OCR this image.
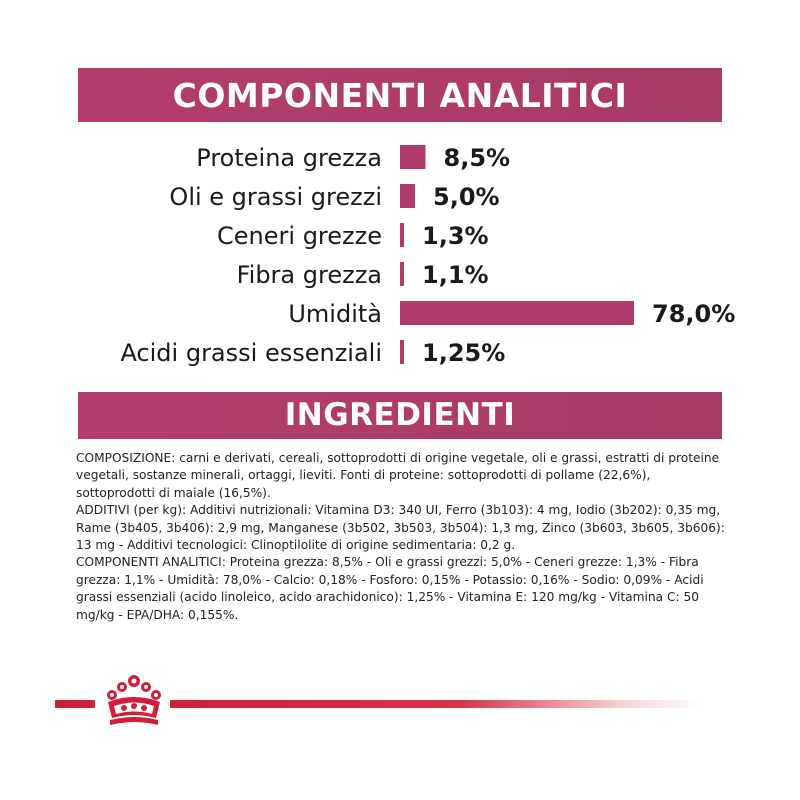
COMPONENTI ANALITICI
Proteina grezza	8,5%
Oli e grassi grezzi 5,0%
Ceneri grezze 1,3%
Fibra grezza 1,1%
Umidità	78,0%
Acidi grassi essenziali 1,25%
INGREDIENTI

COMPOSIZIONE: carni e derivati, cereali, sottoprodotti di origine vegetale, oli e grassi, estratti di proteine vegetali, sostanze minerali, ortaggi, lieviti. Fonti di proteine: sottoprodotti di pollame (22,6%), sottoprodotti di maiale (16,5%).

ADDITIVI (per kg): Additivi nutrizionali: Vitamina D3: 340 UI, Ferro (3b103): 4 mg, Iodio (3b202): 0,35 mg, Rame (3b405, 3b406): 2,9 mg, Manganese (3b502, 3b503, 3b504): 1,3 mg, Zinco (3b603, 3b605, 3b606): 13 mg - Additivi tecnologici: Clinoptilolite di origine sedimentaria: 0,2 g.

COMPONENTI ANALITICI: Proteina grezza: 8,5% - Oli e grassi grezzi: 5,0% - Ceneri grezze: 1,3% - Fibra grezza: 1,1% - Umidità: 78,0% - Calcio: 0,18% - Fosforo: 0,15% - Potassio: 0,16% - Sodio: 0,09% - Acidi grassi essenziali (acido linoleico, acido arachidonico): 1,25% - Vitamina E: 120 mg/kg - Vitamina C: 50 mg/kg - EPA/DHA: 0,155%.
